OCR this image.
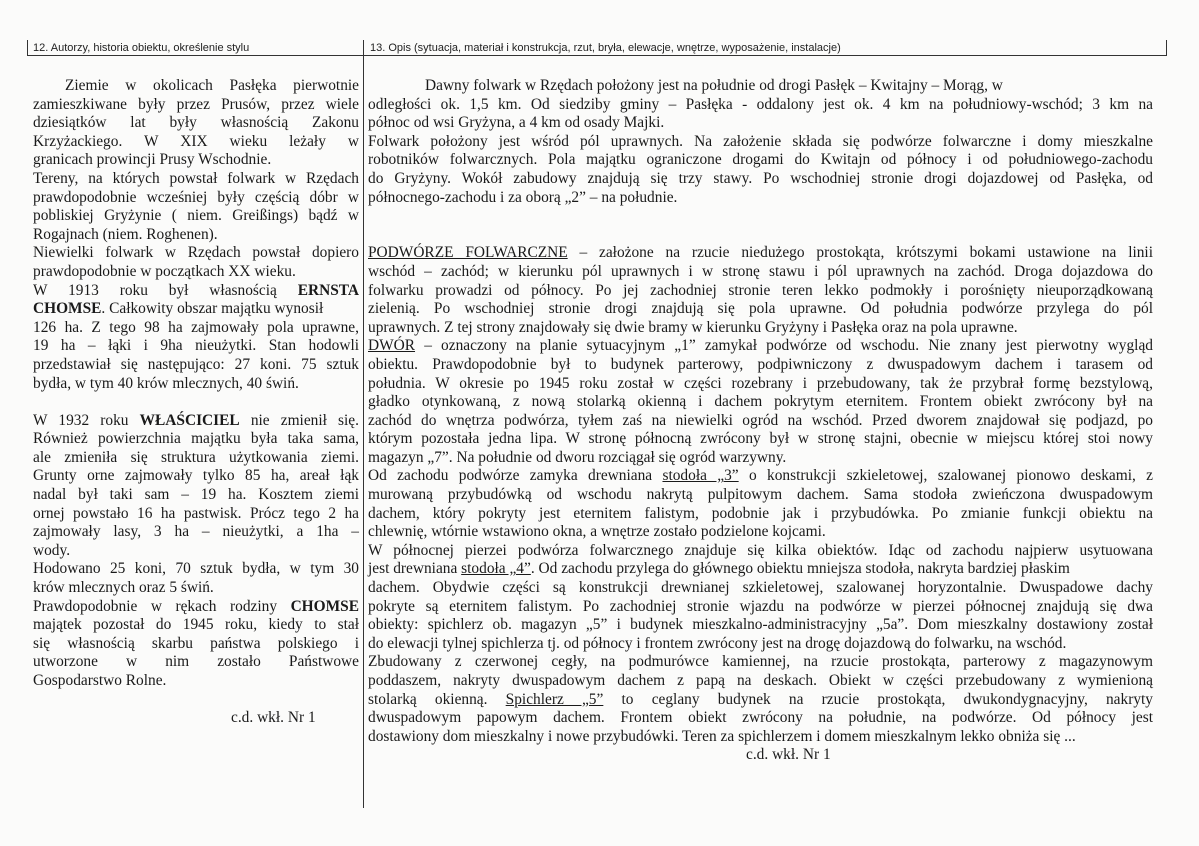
12. Autorzy, historia obiektu, określenie stylu	13. Opis (sytuacja, materiał i konstrukcja, rzut, bryła, elewacje, wnętrze, wyposażenie, instalacje)
Ziemie w okolicach Pasłęka pierwotnie
zamieszkiwane były przez Prusów, przez wiele
dziesiątków lat były własnością Zakonu
Krzyżackiego. W XIX wieku leżały w
granicach prowincji Prusy Wschodnie.
Tereny, na których powstał folwark w Rzędach
prawdopodobnie wcześniej były częścią dóbr w
pobliskiej Gryżynie ( niem. Greißings) bądź w
Rogajnach (niem. Roghenen).
Niewielki folwark w Rzędach powstał dopiero
prawdopodobnie w początkach XX wieku.
W 1913 roku był własnością ERNSTA
CHOMSE. Całkowity obszar majątku wynosił
126 ha. Z tego 98 ha zajmowały pola uprawne,
19 ha – łąki i 9ha nieużytki. Stan hodowli
przedstawiał się następująco: 27 koni. 75 sztuk
bydła, w tym 40 krów mlecznych, 40 świń.
W 1932 roku WŁAŚCICIEL nie zmienił się.
Również powierzchnia majątku była taka sama,
ale zmieniła się struktura użytkowania ziemi.
Grunty orne zajmowały tylko 85 ha, areał łąk
nadal był taki sam – 19 ha. Kosztem ziemi
ornej powstało 16 ha pastwisk. Prócz tego 2 ha
zajmowały lasy, 3 ha – nieużytki, a 1ha –
wody.
Hodowano 25 koni, 70 sztuk bydła, w tym 30
krów mlecznych oraz 5 świń.
Prawdopodobnie w rękach rodziny CHOMSE
majątek pozostał do 1945 roku, kiedy to stał
się własnością skarbu państwa polskiego i
utworzone w nim zostało Państwowe
Gospodarstwo Rolne.
c.d. wkł. Nr 1
Dawny folwark w Rzędach położony jest na południe od drogi Pasłęk – Kwitajny – Morąg, w
odległości ok. 1,5 km. Od siedziby gminy – Pasłęka - oddalony jest ok. 4 km na południowy-wschód; 3 km na
północ od wsi Gryżyna, a 4 km od osady Majki.
Folwark położony jest wśród pól uprawnych. Na założenie składa się podwórze folwarczne i domy mieszkalne
robotników folwarcznych. Pola majątku ograniczone drogami do Kwitajn od północy i od południowego-zachodu
do Gryżyny. Wokół zabudowy znajdują się trzy stawy. Po wschodniej stronie drogi dojazdowej od Pasłęka, od
północnego-zachodu i za oborą „2” – na południe.
PODWÓRZE FOLWARCZNE – założone na rzucie niedużego prostokąta, krótszymi bokami ustawione na linii
wschód – zachód; w kierunku pól uprawnych i w stronę stawu i pól uprawnych na zachód. Droga dojazdowa do
folwarku prowadzi od północy. Po jej zachodniej stronie teren lekko podmokły i porośnięty nieuporządkowaną
zielenią. Po wschodniej stronie drogi znajdują się pola uprawne. Od południa podwórze przylega do pól
uprawnych. Z tej strony znajdowały się dwie bramy w kierunku Gryżyny i Pasłęka oraz na pola uprawne.
DWÓR – oznaczony na planie sytuacyjnym „1” zamykał podwórze od wschodu. Nie znany jest pierwotny wygląd
obiektu. Prawdopodobnie był to budynek parterowy, podpiwniczony z dwuspadowym dachem i tarasem od
południa. W okresie po 1945 roku został w części rozebrany i przebudowany, tak że przybrał formę bezstylową,
gładko otynkowaną, z nową stolarką okienną i dachem pokrytym eternitem. Frontem obiekt zwrócony był na
zachód do wnętrza podwórza, tyłem zaś na niewielki ogród na wschód. Przed dworem znajdował się podjazd, po
którym pozostała jedna lipa. W stronę północną zwrócony był w stronę stajni, obecnie w miejscu której stoi nowy
magazyn „7”. Na południe od dworu rozciągał się ogród warzywny.
Od zachodu podwórze zamyka drewniana stodoła „3” o konstrukcji szkieletowej, szalowanej pionowo deskami, z
murowaną przybudówką od wschodu nakrytą pulpitowym dachem. Sama stodoła zwieńczona dwuspadowym
dachem, który pokryty jest eternitem falistym, podobnie jak i przybudówka. Po zmianie funkcji obiektu na
chlewnię, wtórnie wstawiono okna, a wnętrze zostało podzielone kojcami.
W północnej pierzei podwórza folwarcznego znajduje się kilka obiektów. Idąc od zachodu najpierw usytuowana
jest drewniana stodoła „4”. Od zachodu przylega do głównego obiektu mniejsza stodoła, nakryta bardziej płaskim
dachem. Obydwie części są konstrukcji drewnianej szkieletowej, szalowanej horyzontalnie. Dwuspadowe dachy
pokryte są eternitem falistym. Po zachodniej stronie wjazdu na podwórze w pierzei północnej znajdują się dwa
obiekty: spichlerz ob. magazyn „5” i budynek mieszkalno-administracyjny „5a”. Dom mieszkalny dostawiony został
do elewacji tylnej spichlerza tj. od północy i frontem zwrócony jest na drogę dojazdową do folwarku, na wschód.
Zbudowany z czerwonej cegły, na podmurówce kamiennej, na rzucie prostokąta, parterowy z magazynowym
poddaszem, nakryty dwuspadowym dachem z papą na deskach. Obiekt w części przebudowany z wymienioną
stolarką okienną. Spichlerz „5” to ceglany budynek na rzucie prostokąta, dwukondygnacyjny, nakryty
dwuspadowym papowym dachem. Frontem obiekt zwrócony na południe, na podwórze. Od północy jest
dostawiony dom mieszkalny i nowe przybudówki. Teren za spichlerzem i domem mieszkalnym lekko obniża się ...
c.d. wkł. Nr 1
